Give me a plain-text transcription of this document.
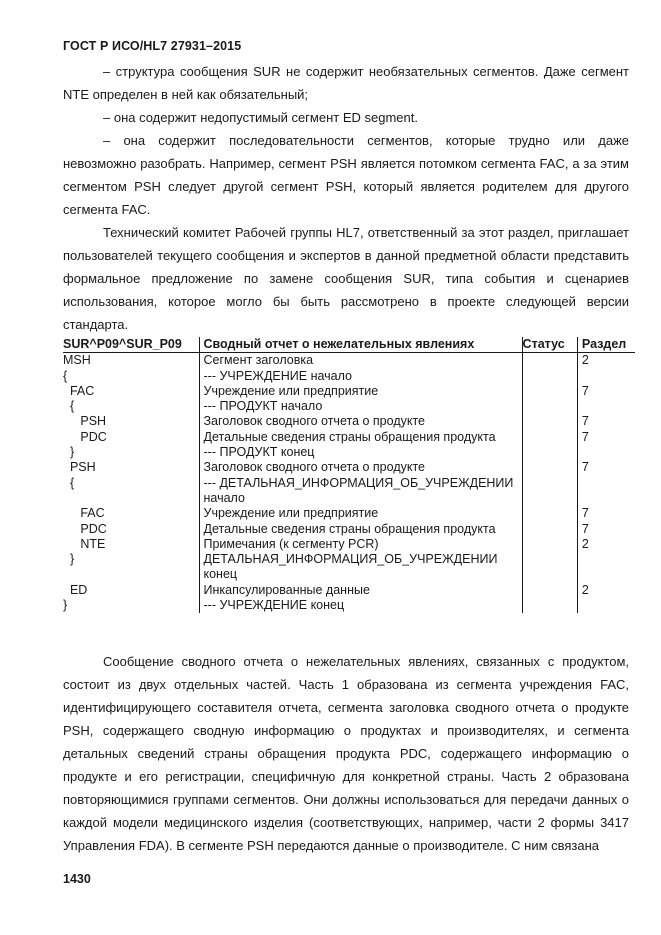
ГОСТ Р ИСО/HL7 27931–2015

– структура сообщения SUR не содержит необязательных сегментов. Даже сегмент NTE определен в ней как обязательный;

– она содержит недопустимый сегмент ED segment.

– она содержит последовательности сегментов, которые трудно или даже невозможно разобрать. Например, сегмент PSH является потомком сегмента FAC, а за этим сегментом PSH следует другой сегмент PSH, который является родителем для другого сегмента FAC.

Технический комитет Рабочей группы HL7, ответственный за этот раздел, приглашает пользователей текущего сообщения и экспертов в данной предметной области представить формальное предложение по замене сообщения SUR, типа события и сценариев использования, которое могло бы быть рассмотрено в проекте следующей версии стандарта.

SUR^P09^SUR_P09	Сводный отчет о нежелательных явлениях	Статус	Раздел
MSH	Сегмент заголовка		2
{	--- УЧРЕЖДЕНИЕ начало		
FAC	Учреждение или предприятие		7
{	--- ПРОДУКТ начало		
PSH	Заголовок сводного отчета о продукте		7
PDC	Детальные сведения страны обращения продукта		7
}	--- ПРОДУКТ конец		
PSH	Заголовок сводного отчета о продукте		7
{	--- ДЕТАЛЬНАЯ_ИНФОРМАЦИЯ_ОБ_УЧРЕЖДЕНИИ начало		
FAC	Учреждение или предприятие		7
PDC	Детальные сведения страны обращения продукта		7
NTE	Примечания (к сегменту PCR)		2
}	ДЕТАЛЬНАЯ_ИНФОРМАЦИЯ_ОБ_УЧРЕЖДЕНИИ конец		
ED	Инкапсулированные данные		2
}	--- УЧРЕЖДЕНИЕ конец		

Сообщение сводного отчета о нежелательных явлениях, связанных с продуктом, состоит из двух отдельных частей. Часть 1 образована из сегмента учреждения FAC, идентифицирующего составителя отчета, сегмента заголовка сводного отчета о продукте PSH, содержащего сводную информацию о продуктах и производителях, и сегмента детальных сведений страны обращения продукта PDC, содержащего информацию о продукте и его регистрации, специфичную для конкретной страны. Часть 2 образована повторяющимися группами сегментов. Они должны использоваться для передачи данных о каждой модели медицинского изделия (соответствующих, например, части 2 формы 3417 Управления FDA). В сегменте PSH передаются данные о производителе. С ним связана

1430
